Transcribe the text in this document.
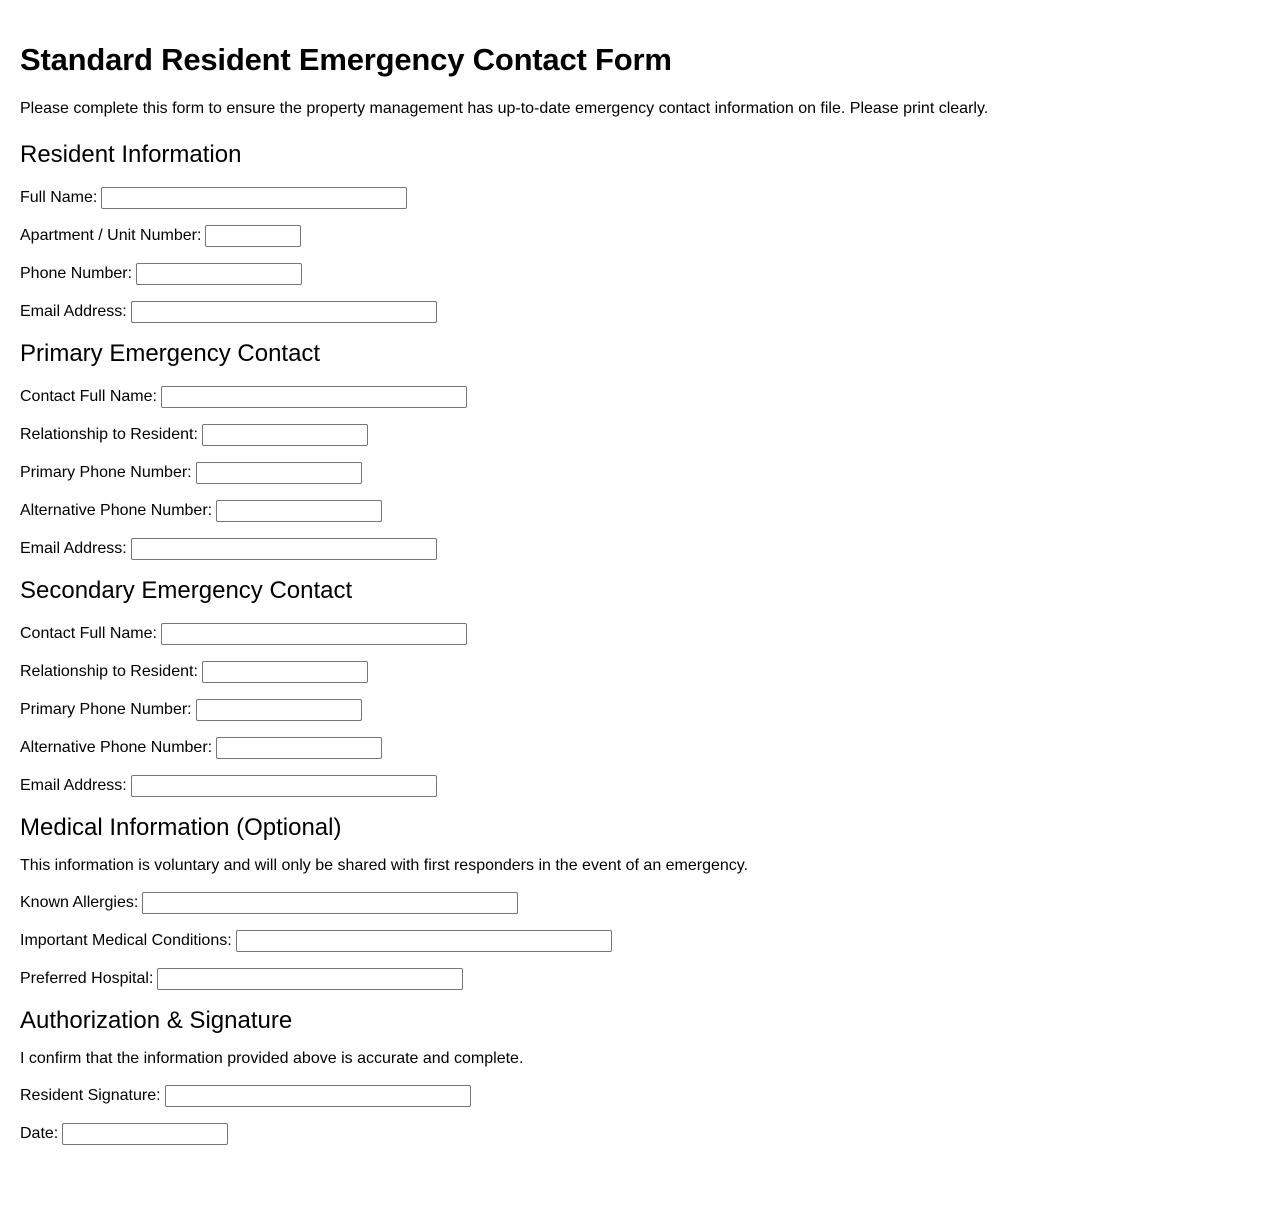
Standard Resident Emergency Contact Form

Please complete this form to ensure the property management has up-to-date emergency contact information on file. Please print clearly.

Resident Information
Full Name:
Apartment / Unit Number:
Phone Number:
Email Address:
Primary Emergency Contact
Contact Full Name:
Relationship to Resident:
Primary Phone Number:
Alternative Phone Number:
Email Address:
Secondary Emergency Contact
Contact Full Name:
Relationship to Resident:
Primary Phone Number:
Alternative Phone Number:
Email Address:
Medical Information (Optional)

This information is voluntary and will only be shared with first responders in the event of an emergency.

Known Allergies:
Important Medical Conditions:
Preferred Hospital:
Authorization & Signature

I confirm that the information provided above is accurate and complete.

Resident Signature:
Date:
